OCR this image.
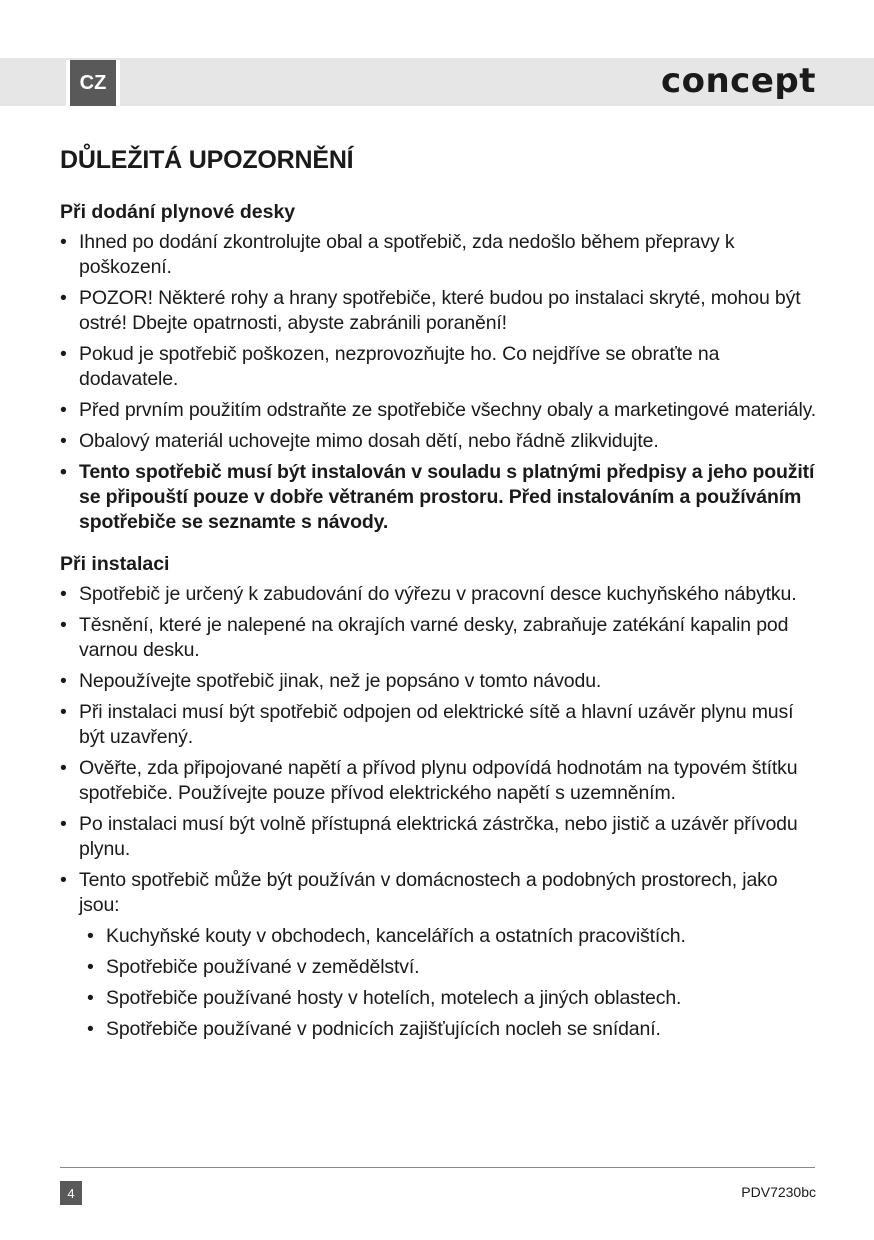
CZ	concept
DŮLEŽITÁ UPOZORNĚNÍ
Při dodání plynové desky
• Ihned po dodání zkontrolujte obal a spotřebič, zda nedošlo během přepravy k poškození.
• POZOR! Některé rohy a hrany spotřebiče, které budou po instalaci skryté, mohou být ostré! Dbejte opatrnosti, abyste zabránili poranění!
• Pokud je spotřebič poškozen, nezprovozňujte ho. Co nejdříve se obraťte na dodavatele.
• Před prvním použitím odstraňte ze spotřebiče všechny obaly a marketingové materiály.
• Obalový materiál uchovejte mimo dosah dětí, nebo řádně zlikvidujte.
• Tento spotřebič musí být instalován v souladu s platnými předpisy a jeho použití se připouští pouze v dobře větraném prostoru. Před instalováním a používáním spotřebiče se seznamte s návody.
Při instalaci
• Spotřebič je určený k zabudování do výřezu v pracovní desce kuchyňského nábytku.
• Těsnění, které je nalepené na okrajích varné desky, zabraňuje zatékání kapalin pod varnou desku.
• Nepoužívejte spotřebič jinak, než je popsáno v tomto návodu.
• Při instalaci musí být spotřebič odpojen od elektrické sítě a hlavní uzávěr plynu musí být uzavřený.
• Ověřte, zda připojované napětí a přívod plynu odpovídá hodnotám na typovém štítku spotřebiče. Používejte pouze přívod elektrického napětí s uzemněním.
• Po instalaci musí být volně přístupná elektrická zástrčka, nebo jistič a uzávěr přívodu plynu.
• Tento spotřebič může být používán v domácnostech a podobných prostorech, jako jsou:
• Kuchyňské kouty v obchodech, kancelářích a ostatních pracovištích.
• Spotřebiče používané v zemědělství.
• Spotřebiče používané hosty v hotelích, motelech a jiných oblastech.
• Spotřebiče používané v podnicích zajišťujících nocleh se snídaní.
4	PDV7230bc
